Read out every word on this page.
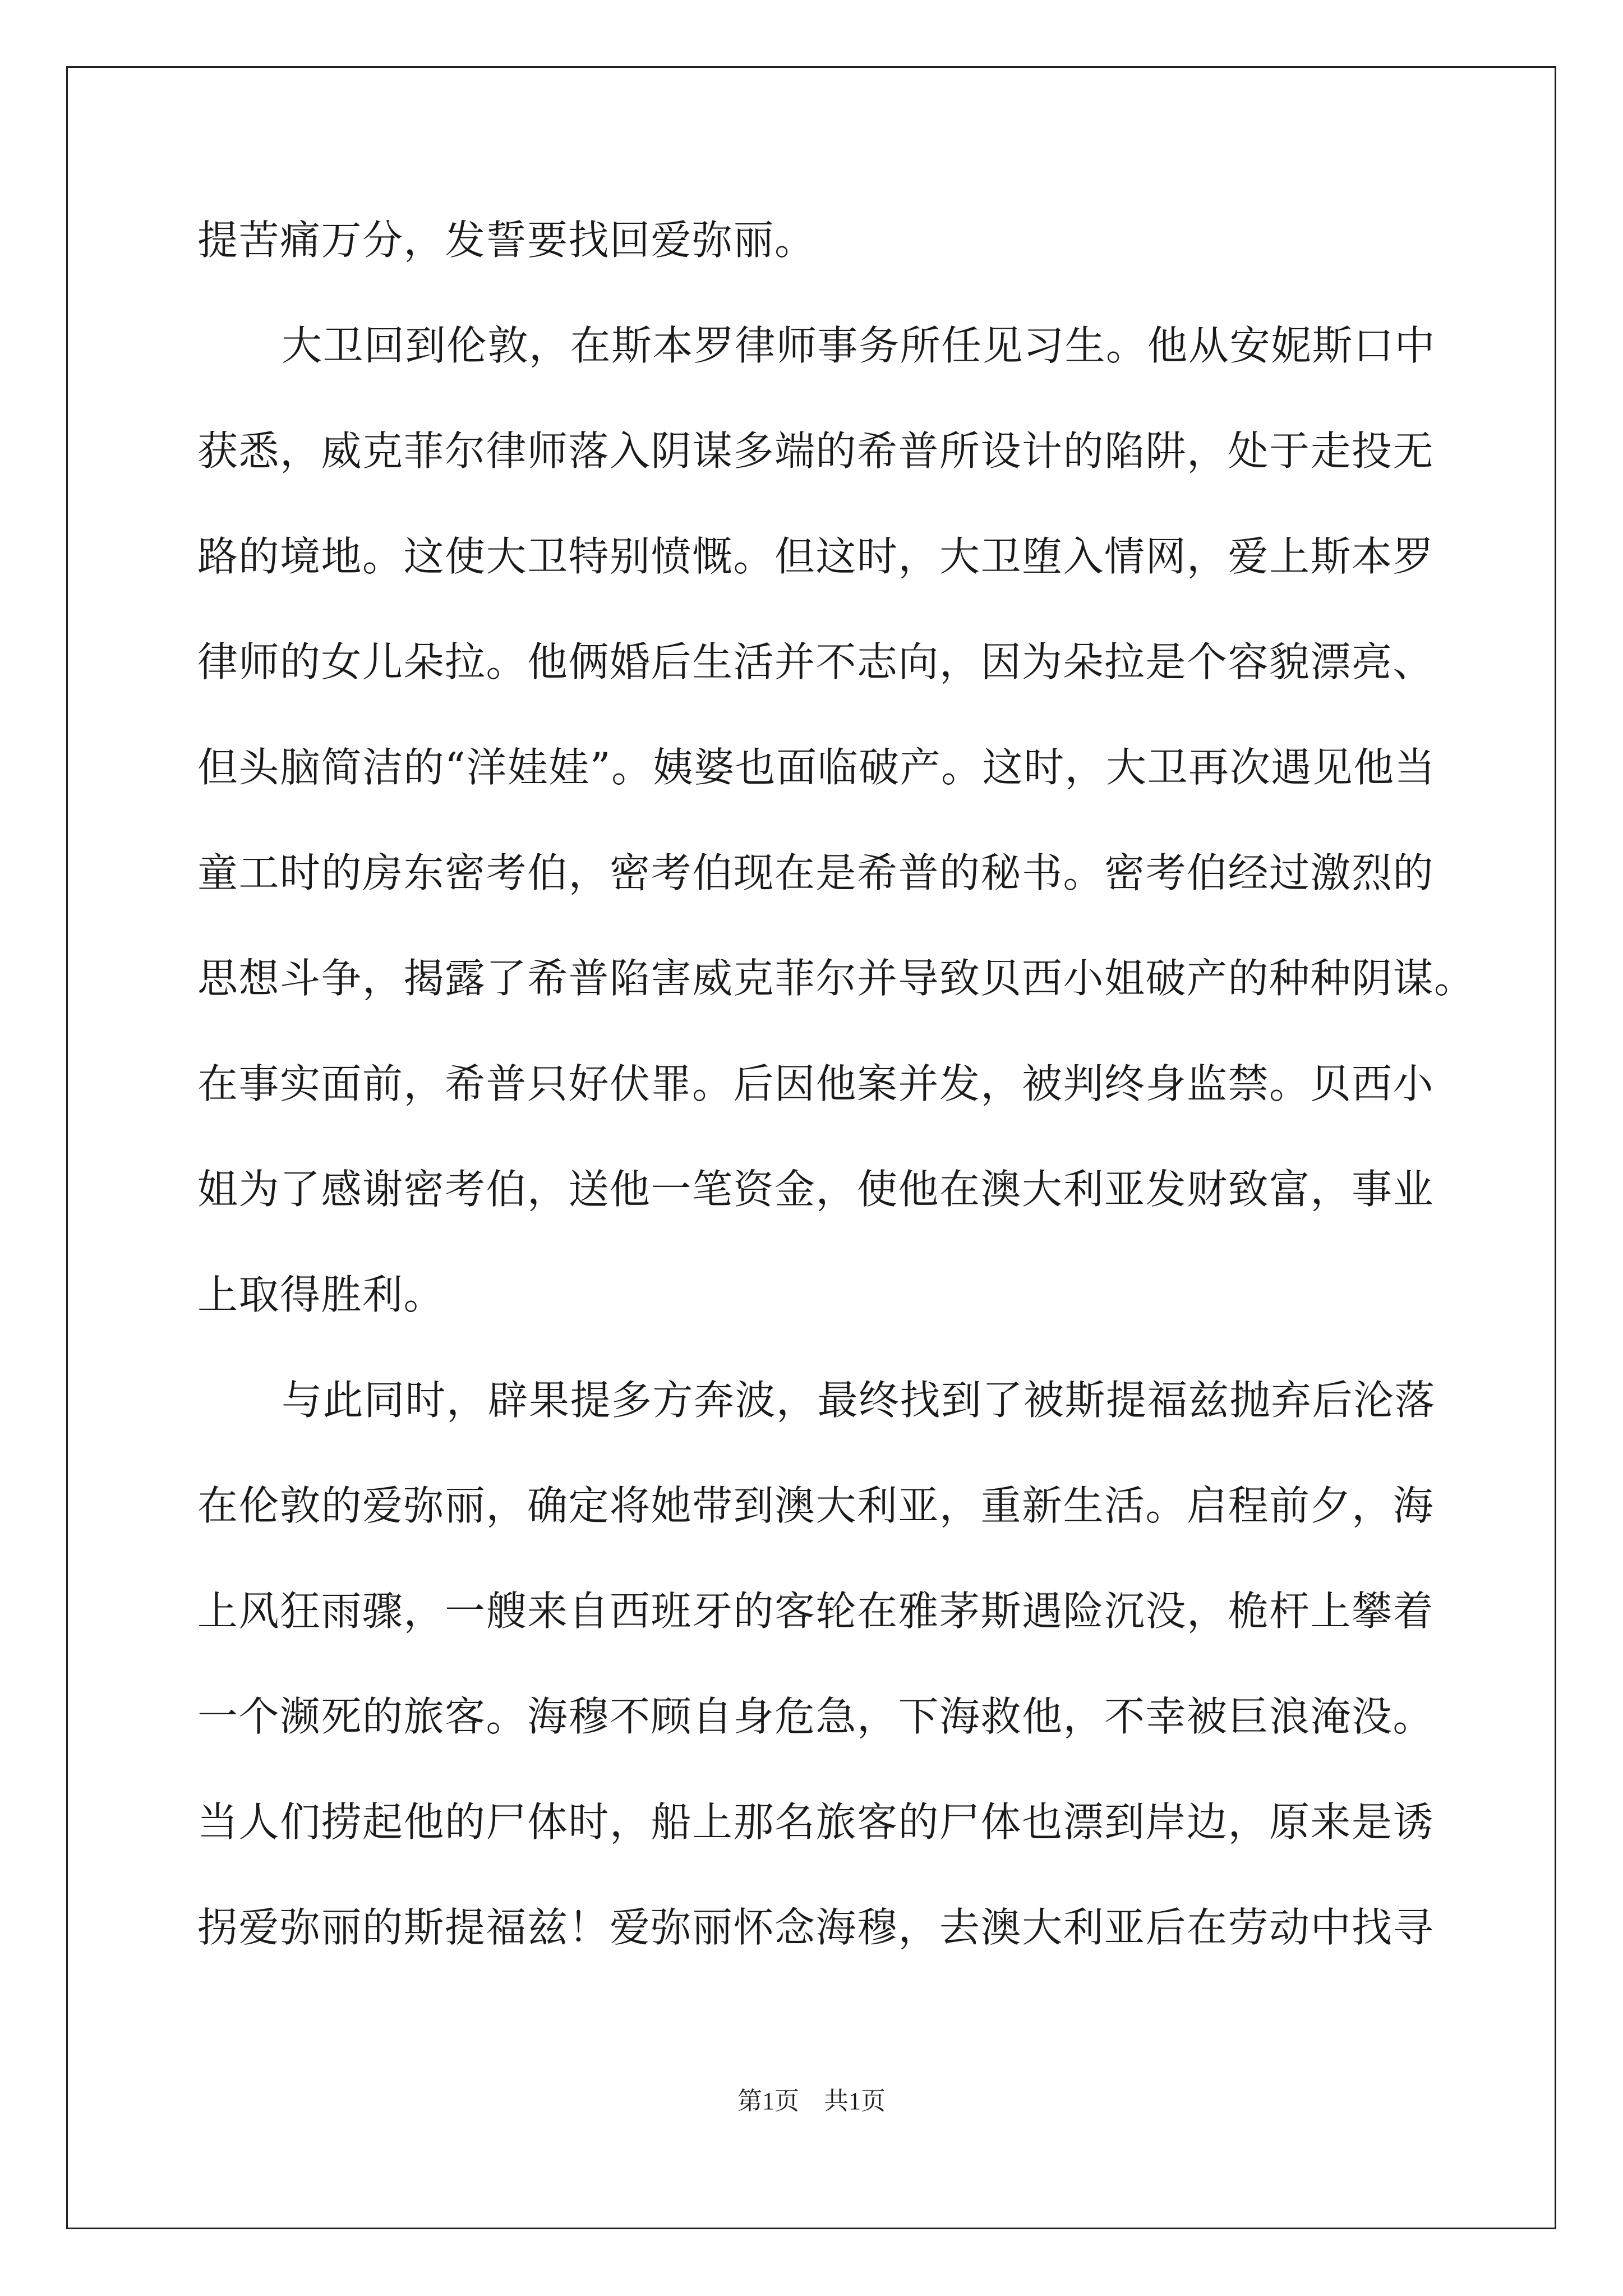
提苦痛万分，发誓要找回爱弥丽。
大卫回到伦敦，在斯本罗律师事务所任见习生。他从安妮斯口中
获悉，威克菲尔律师落入阴谋多端的希普所设计的陷阱，处于走投无
路的境地。这使大卫特别愤慨。但这时，大卫堕入情网，爱上斯本罗
律师的女儿朵拉。他俩婚后生活并不志向，因为朵拉是个容貌漂亮、
但头脑简洁的“洋娃娃”。姨婆也面临破产。这时，大卫再次遇见他当
童工时的房东密考伯，密考伯现在是希普的秘书。密考伯经过激烈的
思想斗争，揭露了希普陷害威克菲尔并导致贝西小姐破产的种种阴谋。
在事实面前，希普只好伏罪。后因他案并发，被判终身监禁。贝西小
姐为了感谢密考伯，送他一笔资金，使他在澳大利亚发财致富，事业
上取得胜利。
与此同时，辟果提多方奔波，最终找到了被斯提福兹抛弃后沦落
在伦敦的爱弥丽，确定将她带到澳大利亚，重新生活。启程前夕，海
上风狂雨骤，一艘来自西班牙的客轮在雅茅斯遇险沉没，桅杆上攀着
一个濒死的旅客。海穆不顾自身危急，下海救他，不幸被巨浪淹没。
当人们捞起他的尸体时，船上那名旅客的尸体也漂到岸边，原来是诱
拐爱弥丽的斯提福兹！爱弥丽怀念海穆，去澳大利亚后在劳动中找寻
第1页 共1页
